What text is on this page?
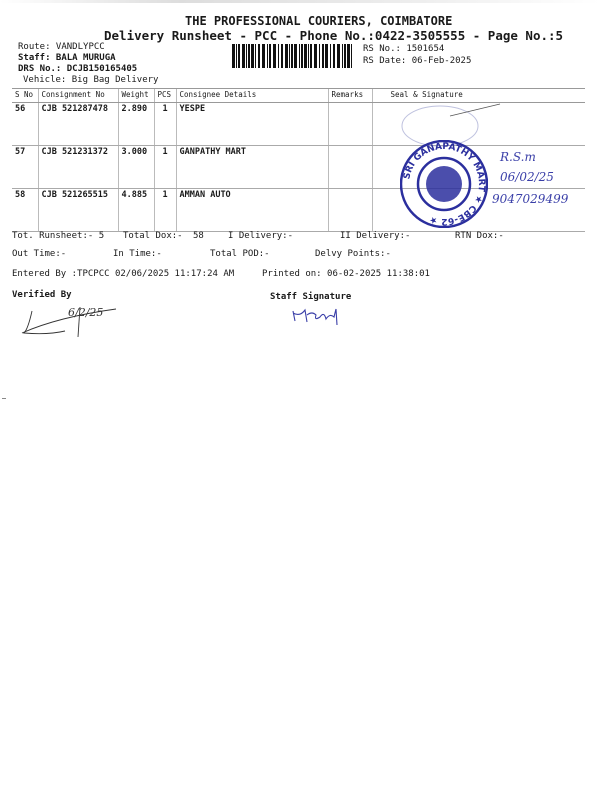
THE PROFESSIONAL COURIERS, COIMBATORE
Delivery Runsheet - PCC - Phone No.:0422-3505555 - Page No.:5
Route: VANDLYPCC
Staff: BALA MURUGA
DRS No.: DCJB150165405
Vehicle: Big Bag Delivery
RS No.: 1501654
RS Date: 06-Feb-2025
S No	Consignment No	Weight	PCS	Consignee Details	Remarks	Seal & Signature
56	CJB 521287478	2.890	1	YESPE		
57	CJB 521231372	3.000	1	GANPATHY MART		
58	CJB 521265515	4.885	1	AMMAN AUTO		
SRI GANAPATHY MART ★ CBE-62 ★
R.S.m
06/02/25
9047029499
Tot. Runsheet:- 5 Total Dox:- 58	I Delivery:-	II Delivery:-	RTN Dox:-
Out Time:-	In Time:-	Total POD:-	Delvy Points:-
Entered By :TPCPCC 02/06/2025 11:17:24 AM	Printed on: 06-02-2025 11:38:01
Verified By	Staff Signature
6/2/25
